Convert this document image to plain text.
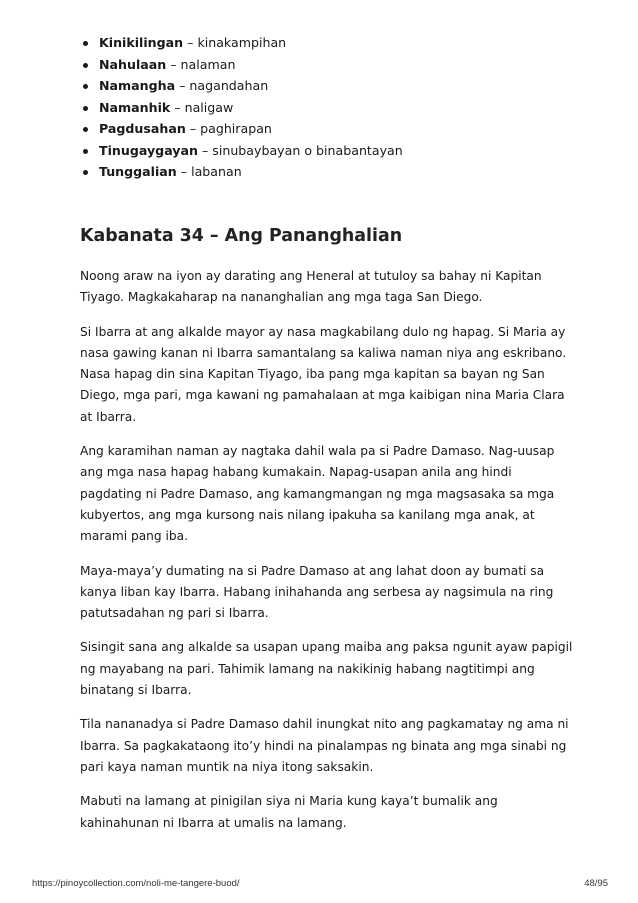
Kinikilingan – kinakampihan
Nahulaan – nalaman
Namangha – nagandahan
Namanhik – naligaw
Pagdusahan – paghirapan
Tinugaygayan – sinubaybayan o binabantayan
Tunggalian – labanan
Kabanata 34 – Ang Pananghalian

Noong araw na iyon ay darating ang Heneral at tutuloy sa bahay ni Kapitan
Tiyago. Magkakaharap na nananghalian ang mga taga San Diego.

Si Ibarra at ang alkalde mayor ay nasa magkabilang dulo ng hapag. Si Maria ay
nasa gawing kanan ni Ibarra samantalang sa kaliwa naman niya ang eskribano.
Nasa hapag din sina Kapitan Tiyago, iba pang mga kapitan sa bayan ng San
Diego, mga pari, mga kawani ng pamahalaan at mga kaibigan nina Maria Clara
at Ibarra.

Ang karamihan naman ay nagtaka dahil wala pa si Padre Damaso. Nag-uusap
ang mga nasa hapag habang kumakain. Napag-usapan anila ang hindi
pagdating ni Padre Damaso, ang kamangmangan ng mga magsasaka sa mga
kubyertos, ang mga kursong nais nilang ipakuha sa kanilang mga anak, at
marami pang iba.

Maya-maya’y dumating na si Padre Damaso at ang lahat doon ay bumati sa
kanya liban kay Ibarra. Habang inihahanda ang serbesa ay nagsimula na ring
patutsadahan ng pari si Ibarra.

Sisingit sana ang alkalde sa usapan upang maiba ang paksa ngunit ayaw papigil
ng mayabang na pari. Tahimik lamang na nakikinig habang nagtitimpi ang
binatang si Ibarra.

Tila nananadya si Padre Damaso dahil inungkat nito ang pagkamatay ng ama ni
Ibarra. Sa pagkakataong ito’y hindi na pinalampas ng binata ang mga sinabi ng
pari kaya naman muntik na niya itong saksakin.

Mabuti na lamang at pinigilan siya ni Maria kung kaya’t bumalik ang
kahinahunan ni Ibarra at umalis na lamang.

https://pinoycollection.com/noli-me-tangere-buod/	48/95
